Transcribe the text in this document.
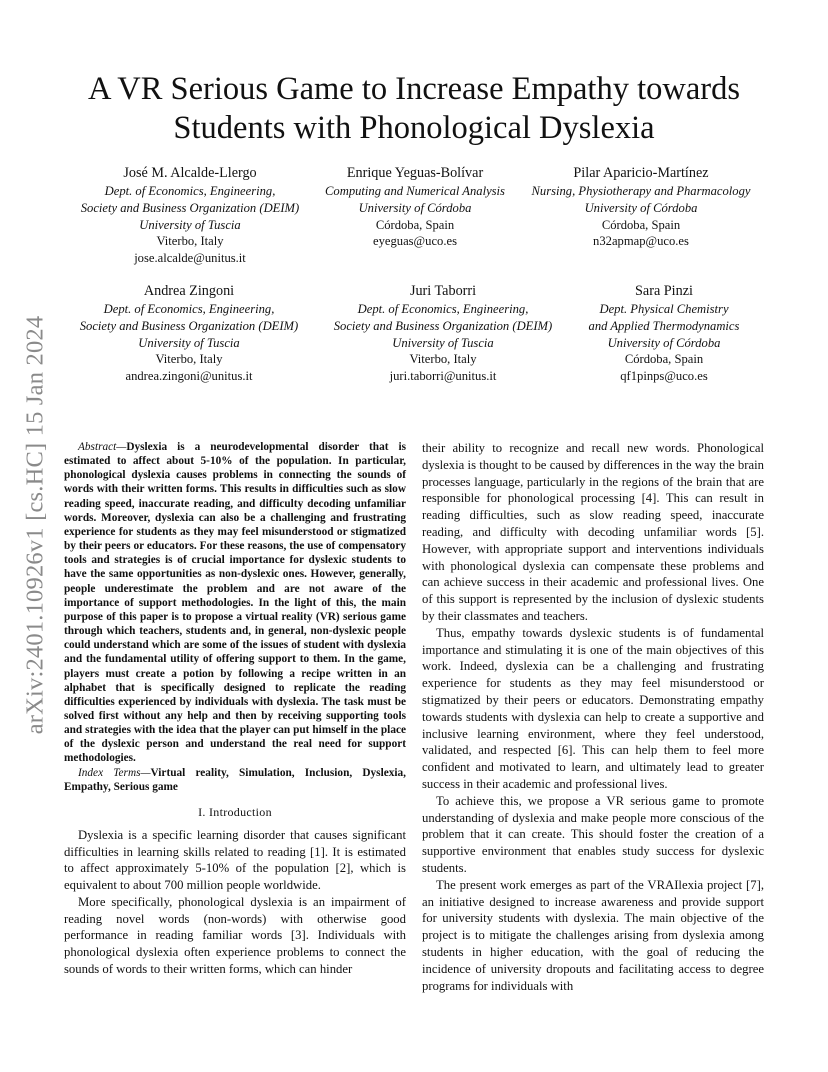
arXiv:2401.10926v1 [cs.HC] 15 Jan 2024
A VR Serious Game to Increase Empathy towards Students with Phonological Dyslexia
José M. Alcalde-Llergo
Dept. of Economics, Engineering,
Society and Business Organization (DEIM)
University of Tuscia
Viterbo, Italy
jose.alcalde@unitus.it
Enrique Yeguas-Bolívar
Computing and Numerical Analysis
University of Córdoba
Córdoba, Spain
eyeguas@uco.es
Pilar Aparicio-Martínez
Nursing, Physiotherapy and Pharmacology
University of Córdoba
Córdoba, Spain
n32apmap@uco.es
Andrea Zingoni
Dept. of Economics, Engineering,
Society and Business Organization (DEIM)
University of Tuscia
Viterbo, Italy
andrea.zingoni@unitus.it
Juri Taborri
Dept. of Economics, Engineering,
Society and Business Organization (DEIM)
University of Tuscia
Viterbo, Italy
juri.taborri@unitus.it
Sara Pinzi
Dept. Physical Chemistry
and Applied Thermodynamics
University of Córdoba
Córdoba, Spain
qf1pinps@uco.es

Abstract—Dyslexia is a neurodevelopmental disorder that is estimated to affect about 5-10% of the population. In particular, phonological dyslexia causes problems in connecting the sounds of words with their written forms. This results in difficulties such as slow reading speed, inaccurate reading, and difficulty decoding unfamiliar words. Moreover, dyslexia can also be a challenging and frustrating experience for students as they may feel misunderstood or stigmatized by their peers or educators. For these reasons, the use of compensatory tools and strategies is of crucial importance for dyslexic students to have the same opportunities as non-dyslexic ones. However, generally, people underestimate the problem and are not aware of the importance of support methodologies. In the light of this, the main purpose of this paper is to propose a virtual reality (VR) serious game through which teachers, students and, in general, non-dyslexic people could understand which are some of the issues of student with dyslexia and the fundamental utility of offering support to them. In the game, players must create a potion by following a recipe written in an alphabet that is specifically designed to replicate the reading difficulties experienced by individuals with dyslexia. The task must be solved first without any help and then by receiving supporting tools and strategies with the idea that the player can put himself in the place of the dyslexic person and understand the real need for support methodologies.

Index Terms—Virtual reality, Simulation, Inclusion, Dyslexia, Empathy, Serious game

I. Introduction

Dyslexia is a specific learning disorder that causes significant difficulties in learning skills related to reading [1]. It is estimated to affect approximately 5-10% of the population [2], which is equivalent to about 700 million people worldwide.

More specifically, phonological dyslexia is an impairment of reading novel words (non-words) with otherwise good performance in reading familiar words [3]. Individuals with phonological dyslexia often experience problems to connect the sounds of words to their written forms, which can hinder

their ability to recognize and recall new words. Phonological dyslexia is thought to be caused by differences in the way the brain processes language, particularly in the regions of the brain that are responsible for phonological processing [4]. This can result in reading difficulties, such as slow reading speed, inaccurate reading, and difficulty with decoding unfamiliar words [5]. However, with appropriate support and interventions individuals with phonological dyslexia can compensate these problems and can achieve success in their academic and professional lives. One of this support is represented by the inclusion of dyslexic students by their classmates and teachers.

Thus, empathy towards dyslexic students is of fundamental importance and stimulating it is one of the main objectives of this work. Indeed, dyslexia can be a challenging and frustrating experience for students as they may feel misunderstood or stigmatized by their peers or educators. Demonstrating empathy towards students with dyslexia can help to create a supportive and inclusive learning environment, where they feel understood, validated, and respected [6]. This can help them to feel more confident and motivated to learn, and ultimately lead to greater success in their academic and professional lives.

To achieve this, we propose a VR serious game to promote understanding of dyslexia and make people more conscious of the problem that it can create. This should foster the creation of a supportive environment that enables study success for dyslexic students.

The present work emerges as part of the VRAIlexia project [7], an initiative designed to increase awareness and provide support for university students with dyslexia. The main objective of the project is to mitigate the challenges arising from dyslexia among students in higher education, with the goal of reducing the incidence of university dropouts and facilitating access to degree programs for individuals with
